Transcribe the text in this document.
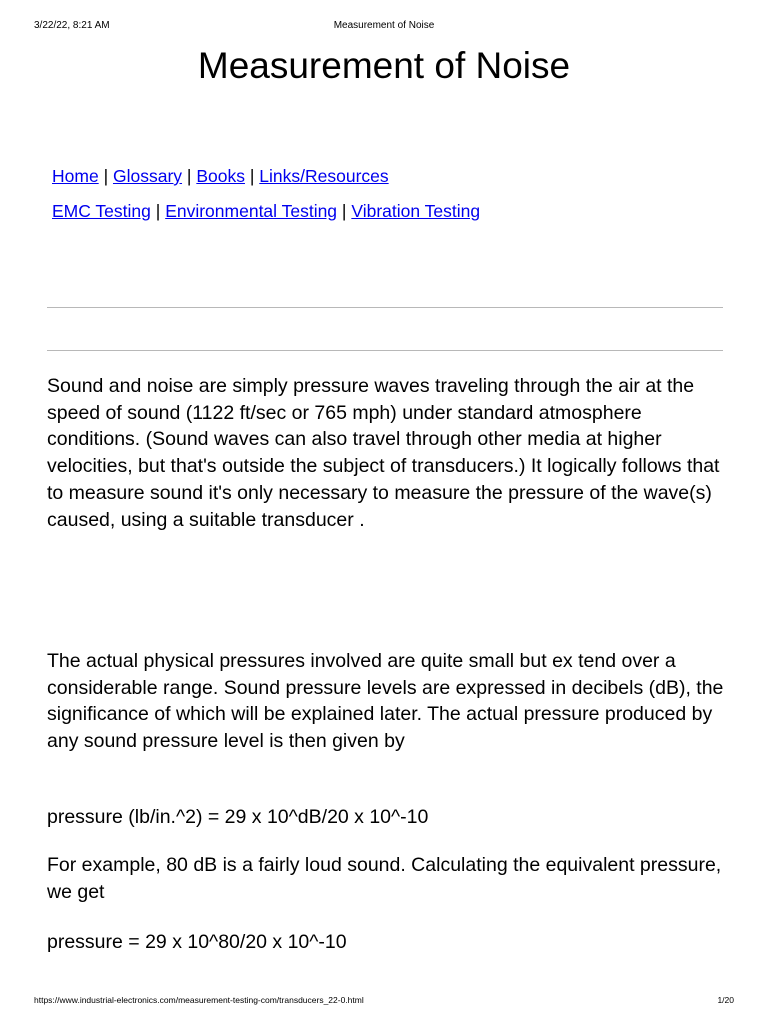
3/22/22, 8:21 AM	Measurement of Noise
Measurement of Noise
Home | Glossary | Books | Links/Resources
EMC Testing | Environmental Testing | Vibration Testing

Sound and noise are simply pressure waves traveling through the air at the speed of sound (1122 ft/sec or 765 mph) under standard atmosphere conditions. (Sound waves can also travel through other media at higher velocities, but that's outside the subject of transducers.) It logically follows that to measure sound it's only necessary to measure the pressure of the wave(s) caused, using a suitable transducer .

The actual physical pressures involved are quite small but ex tend over a considerable range. Sound pressure levels are expressed in decibels (dB), the significance of which will be explained later. The actual pressure produced by any sound pressure level is then given by

pressure (lb/in.^2) = 29 x 10^dB/20 x 10^-10

For example, 80 dB is a fairly loud sound. Calculating the equivalent pressure, we get

pressure = 29 x 10^80/20 x 10^-10

https://www.industrial-electronics.com/measurement-testing-com/transducers_22-0.html	1/20
